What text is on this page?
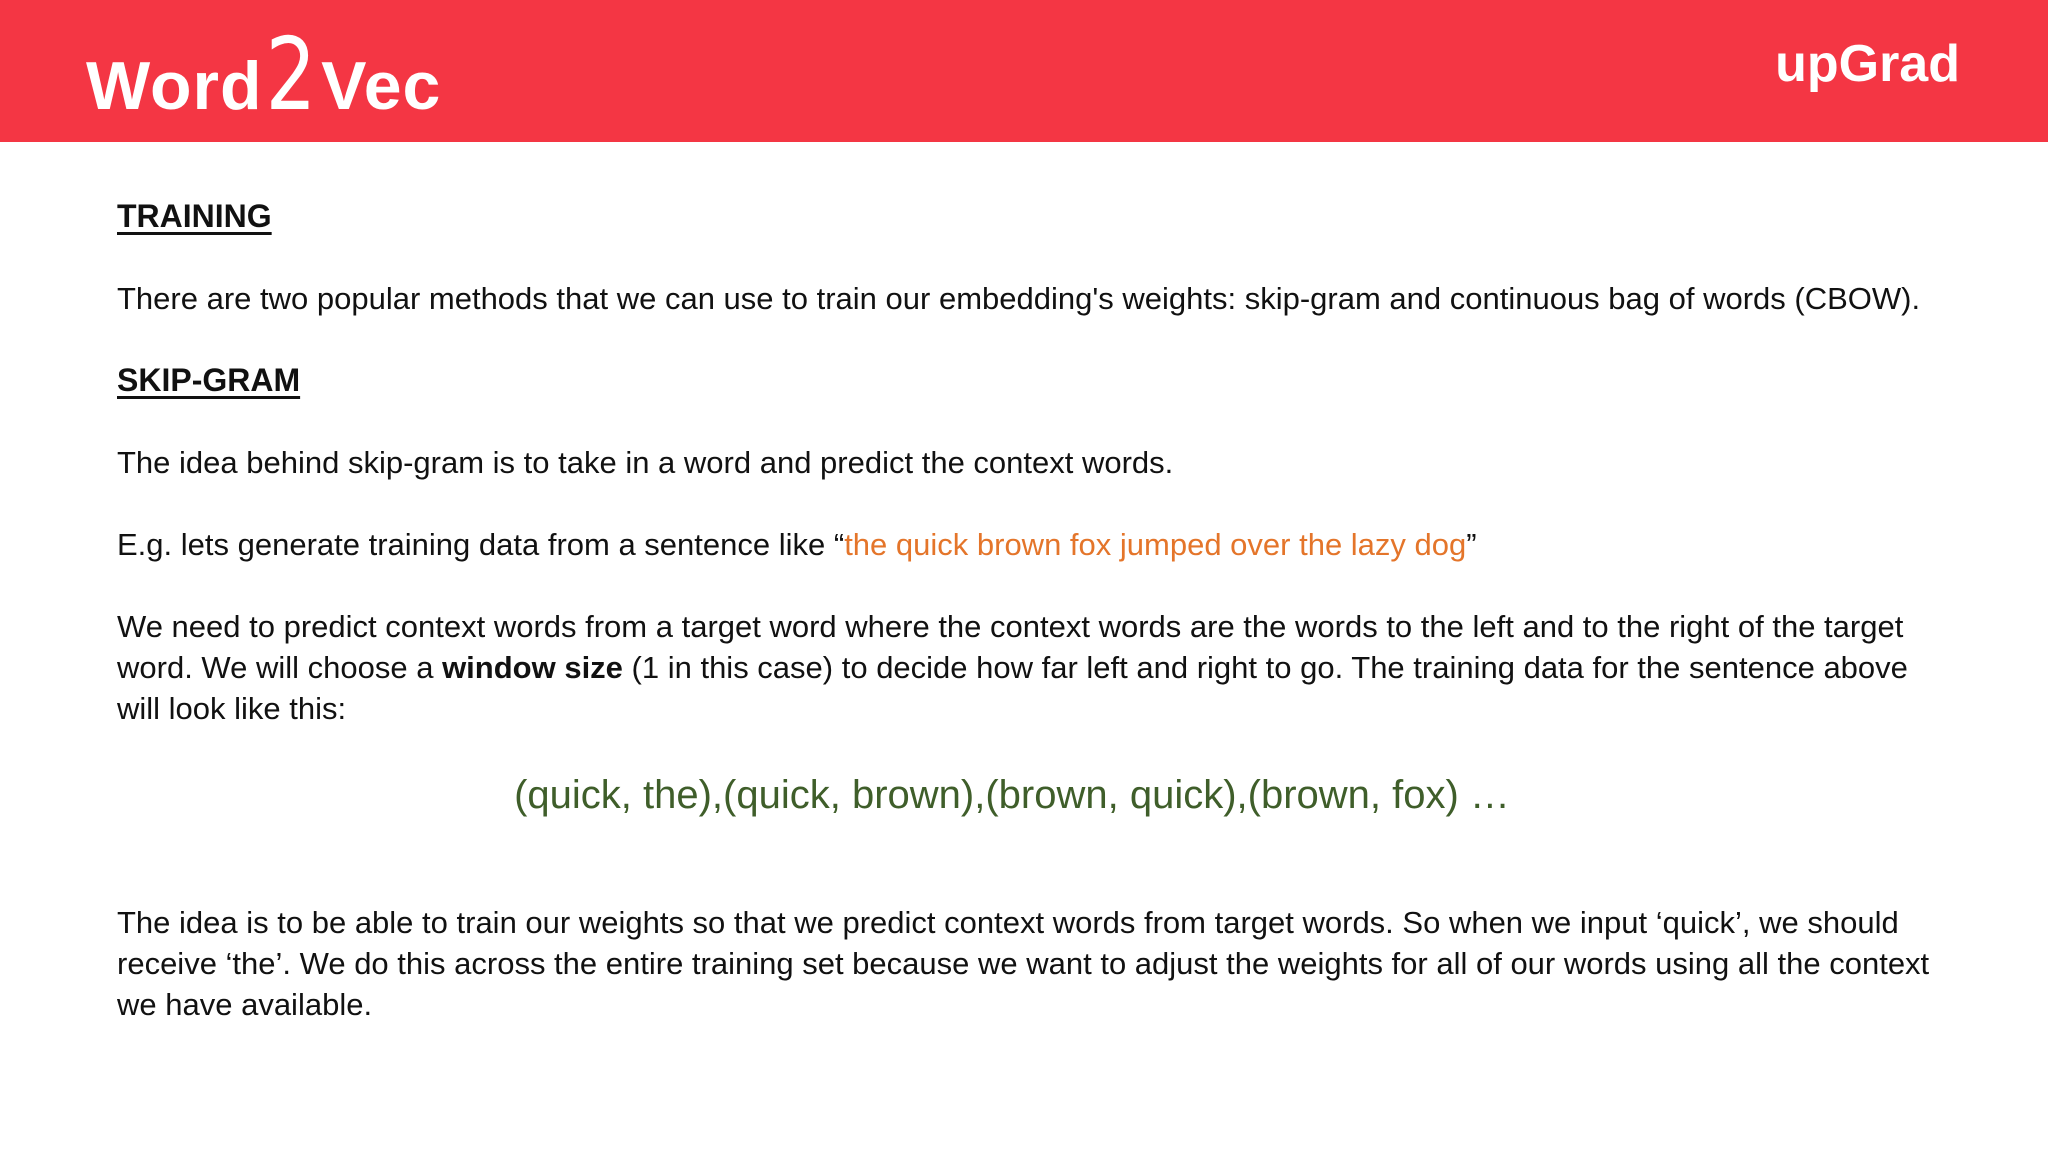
Word 2 Vec	upGrad

TRAINING

There are two popular methods that we can use to train our embedding's weights: skip-gram and continuous bag of words (CBOW).

SKIP-GRAM

The idea behind skip-gram is to take in a word and predict the context words.

E.g. lets generate training data from a sentence like “the quick brown fox jumped over the lazy dog”

We need to predict context words from a target word where the context words are the words to the left and to the right of the target word. We will choose a window size (1 in this case) to decide how far left and right to go. The training data for the sentence above will look like this:

(quick, the),(quick, brown),(brown, quick),(brown, fox) …

The idea is to be able to train our weights so that we predict context words from target words. So when we input ‘quick’, we should receive ‘the’. We do this across the entire training set because we want to adjust the weights for all of our words using all the context we have available.
